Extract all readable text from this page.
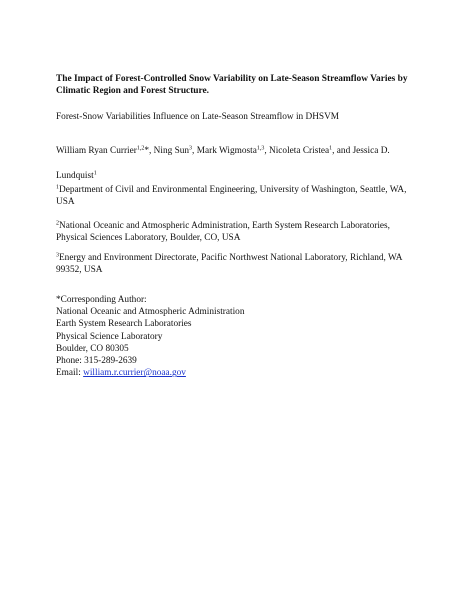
The Impact of Forest-Controlled Snow Variability on Late-Season Streamflow Varies by Climatic Region and Forest Structure.
Forest-Snow Variabilities Influence on Late-Season Streamflow in DHSVM
William Ryan Currier$^{1,2}$*, Ning Sun$^3$, Mark Wigmosta$^{1,3}$, Nicoleta Cristea$^1$, and Jessica D.
Lundquist$^1$
$^1$Department of Civil and Environmental Engineering, University of Washington, Seattle, WA, USA
$^2$National Oceanic and Atmospheric Administration, Earth System Research Laboratories, Physical Sciences Laboratory, Boulder, CO, USA
$^3$Energy and Environment Directorate, Pacific Northwest National Laboratory, Richland, WA 99352, USA
*Corresponding Author:
National Oceanic and Atmospheric Administration
Earth System Research Laboratories
Physical Science Laboratory
Boulder, CO 80305
Phone: 315-289-2639
Email: william.r.currier@noaa.gov
